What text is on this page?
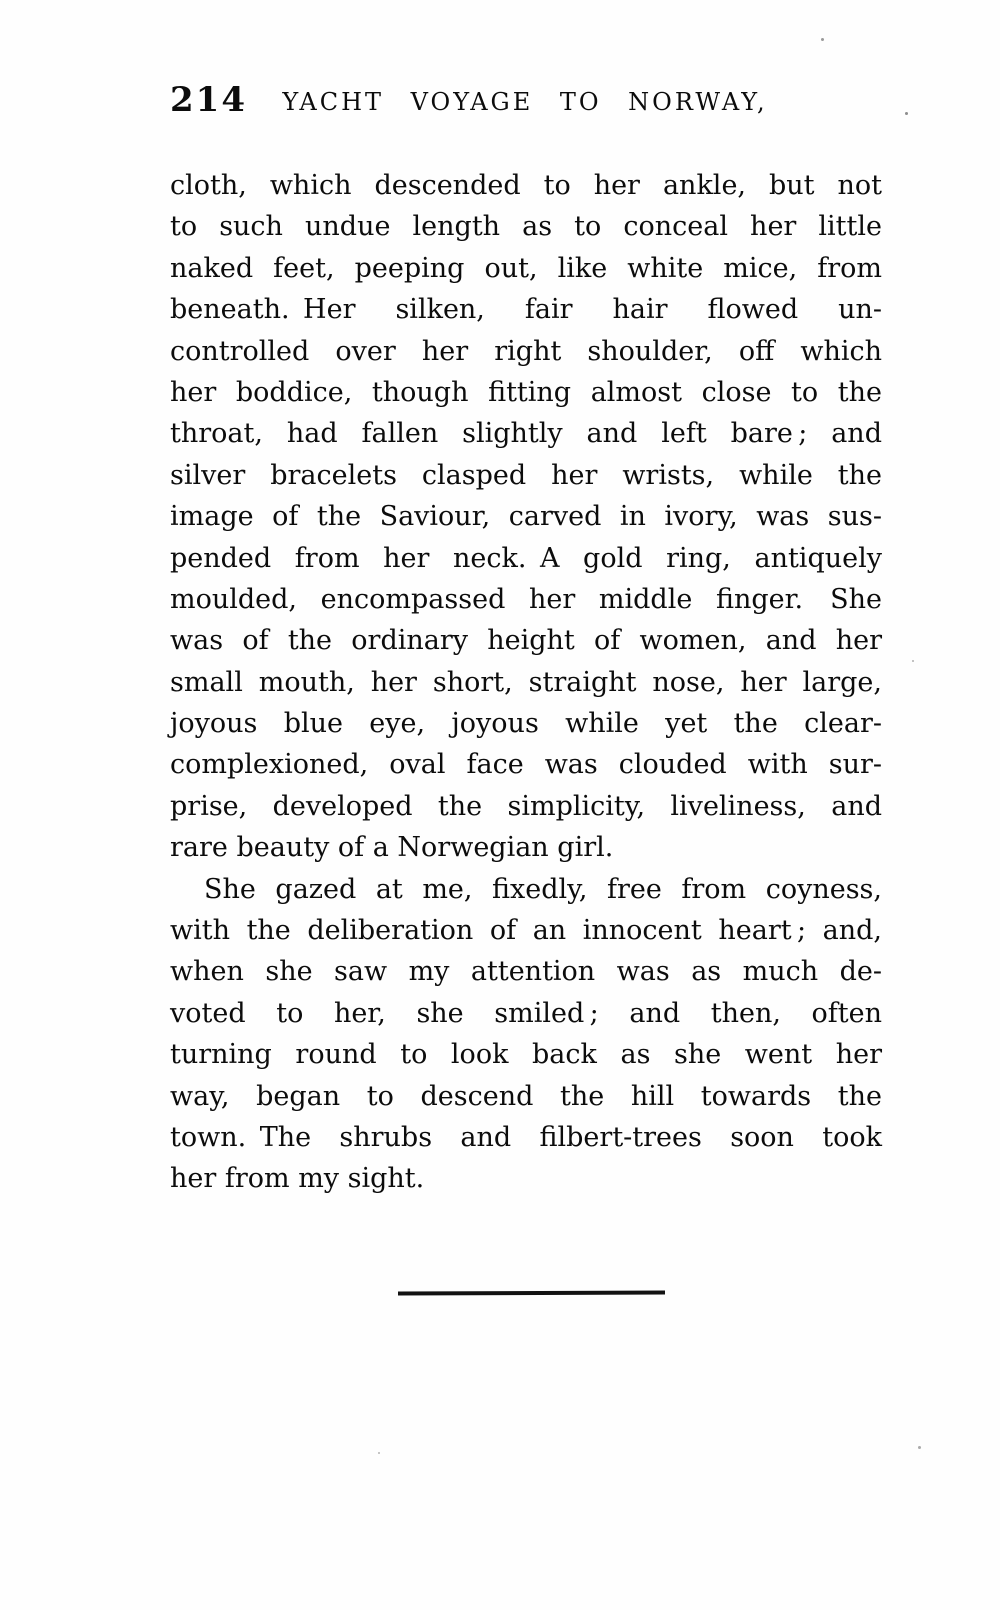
214	YACHT VOYAGE TO NORWAY,
cloth, which descended to her ankle, but not
to such undue length as to conceal her little
naked feet, peeping out, like white mice, from
beneath. Her silken, fair hair flowed un-
controlled over her right shoulder, off which
her boddice, though fitting almost close to the
throat, had fallen slightly and left bare ; and
silver bracelets clasped her wrists, while the
image of the Saviour, carved in ivory, was sus-
pended from her neck. A gold ring, antiquely
moulded, encompassed her middle finger. She
was of the ordinary height of women, and her
small mouth, her short, straight nose, her large,
joyous blue eye, joyous while yet the clear-
complexioned, oval face was clouded with sur-
prise, developed the simplicity, liveliness, and
rare beauty of a Norwegian girl.
She gazed at me, fixedly, free from coyness,
with the deliberation of an innocent heart ; and,
when she saw my attention was as much de-
voted to her, she smiled ; and then, often
turning round to look back as she went her
way, began to descend the hill towards the
town. The shrubs and filbert-trees soon took
her from my sight.
